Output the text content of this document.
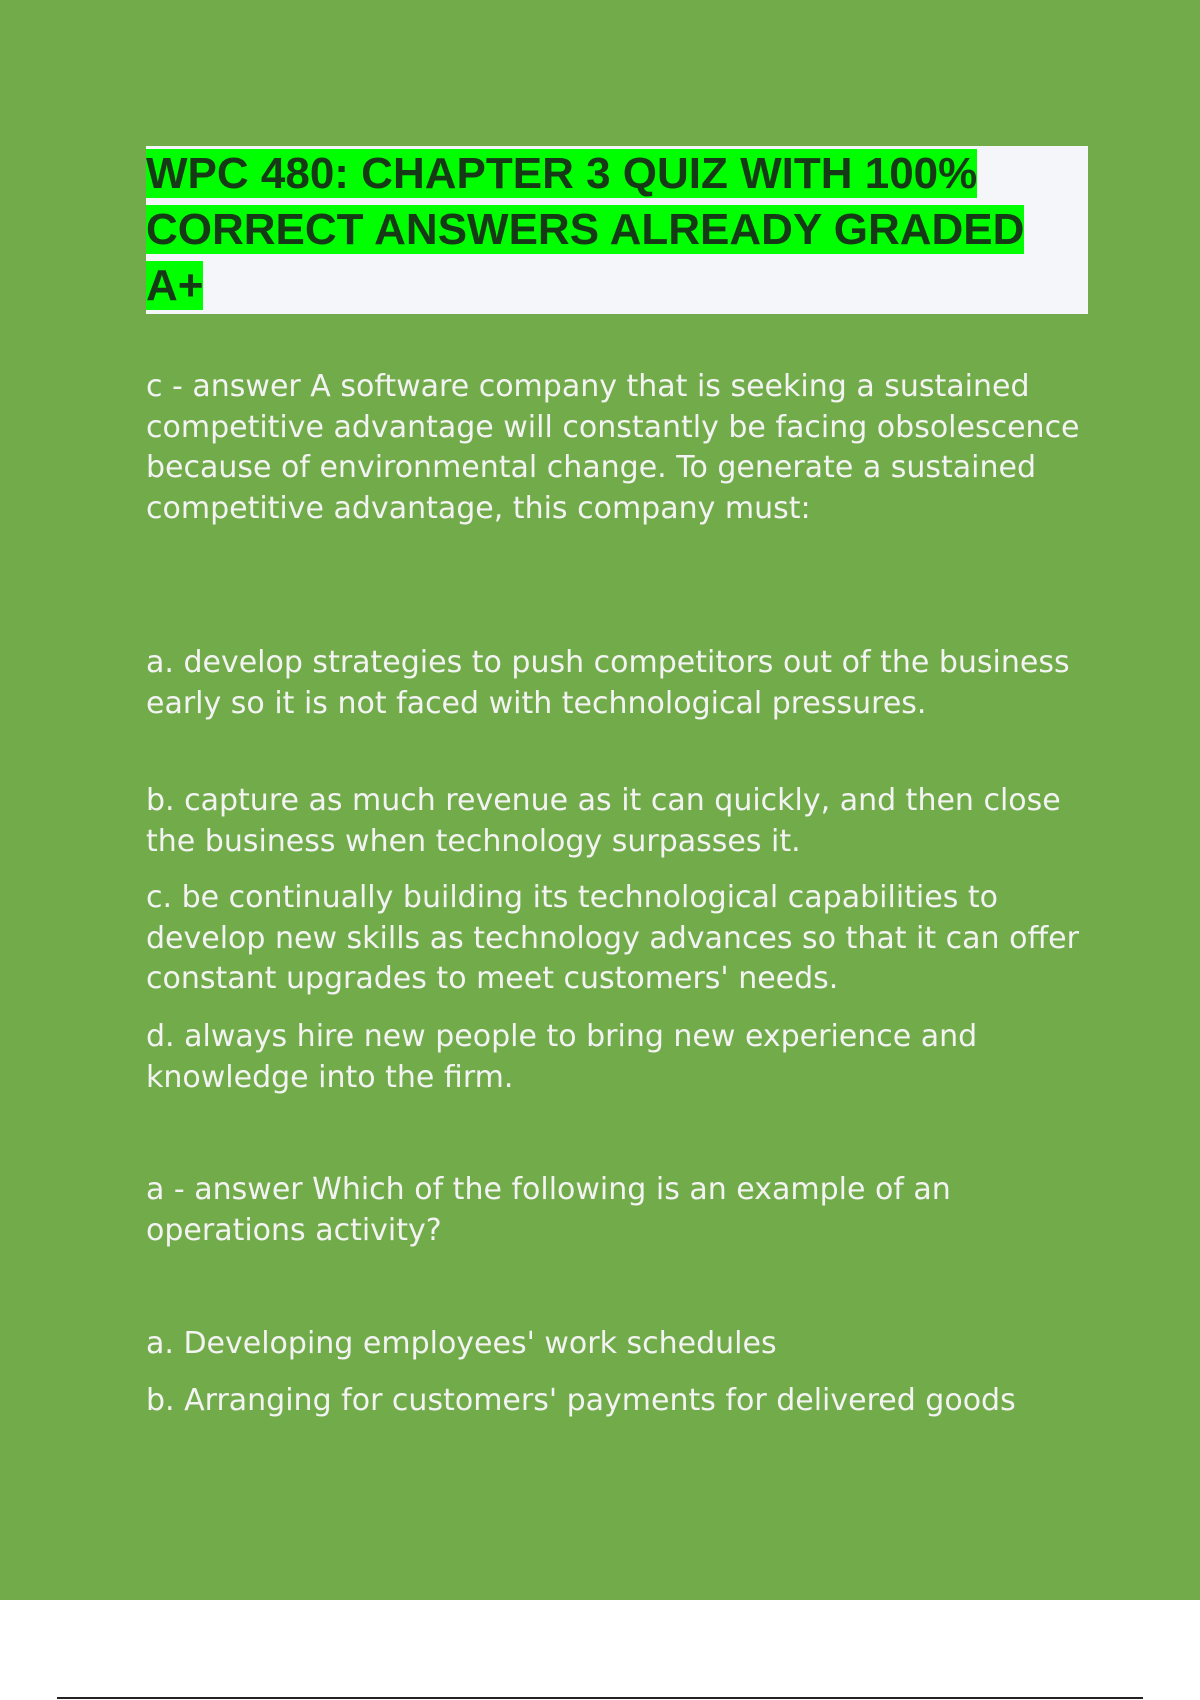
WPC 480: CHAPTER 3 QUIZ WITH 100% CORRECT ANSWERS ALREADY GRADED A+

c - answer A software company that is seeking a sustained competitive advantage will constantly be facing obsolescence because of environmental change. To generate a sustained competitive advantage, this company must:

a. develop strategies to push competitors out of the business early so it is not faced with technological pressures.

b. capture as much revenue as it can quickly, and then close the business when technology surpasses it.

c. be continually building its technological capabilities to develop new skills as technology advances so that it can offer constant upgrades to meet customers' needs.

d. always hire new people to bring new experience and knowledge into the firm.

a - answer Which of the following is an example of an operations activity?

a. Developing employees' work schedules

b. Arranging for customers' payments for delivered goods
